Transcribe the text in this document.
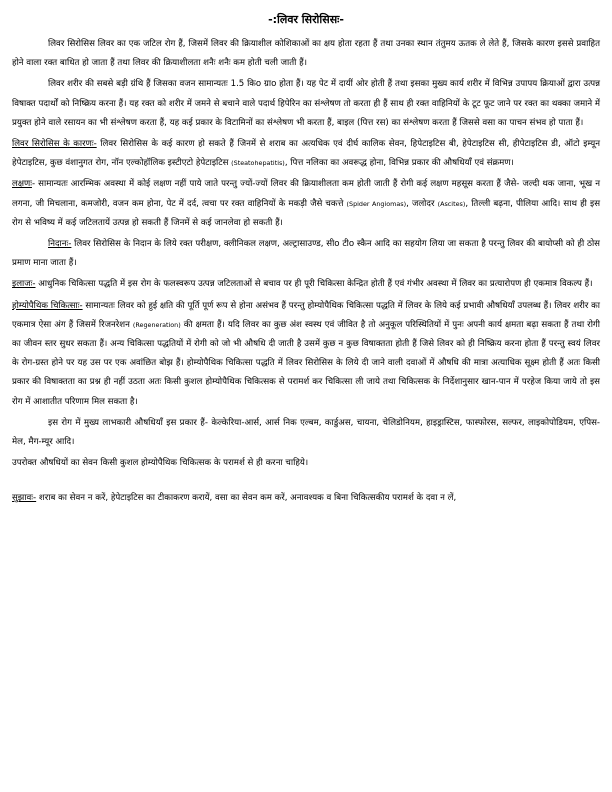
-:लिवर सिरोसिसः-

लिवर सिरोसिस लिवर का एक जटिल रोग हैं, जिसमें लिवर की क्रियाशील कोशिकाओं का क्षय होता रहता हैं तथा उनका स्थान तंतुमय ऊतक ले लेते हैं, जिसके कारण इससे प्रवाहित होने वाला रक्त बाधित हो जाता हैं तथा लिवर की क्रियाशीलता शनैः शनैः कम होती चली जाती हैं।

लिवर शरीर की सबसे बड़ी ग्रंथि हैं जिसका वजन सामान्यतः 1.5 किo ग्राo होता हैं। यह पेट में दायीं ओर होती हैं तथा इसका मुख्य कार्य शरीर में विभिन्न उपापय क्रियाओं द्वारा उत्पन्न विषाक्त पदार्थों को निष्क्रिय करना हैं। यह रक्त को शरीर में जमने से बचाने वाले पदार्थ हिपेरिन का संश्लेषण तो करता ही हैं साथ ही रक्त वाहिनियों के टूट फूट जाने पर रक्त का थक्का जमाने में प्रयुक्त होने वाले रसायन का भी संश्लेषण करता हैं, यह कई प्रकार के विटामिनों का संश्लेषण भी करता हैं, बाइल (पित्त रस) का संश्लेषण करता हैं जिससे वसा का पाचन संभव हो पाता हैं।

लिवर सिरोसिस के कारणः- लिवर सिरोसिस के कई कारण हो सकते हैं जिनमें से शराब का अत्यधिक एवं दीर्घ कालिक सेवन, हिपेटाइटिस बी, हेपेटाइटिस सी, हीपेटाइटिस डी, ऑटो इम्यून हेपेटाइटिस, कुछ वंशानुगत रोग, नॉन एल्कोहॉलिक इस्टीएटो हेपेटाइटिस (Steatohepatitis), पित्त नलिका का अवरूद्ध होना, विभिन्न प्रकार की औषधियाँ एवं संक्रमण।

लक्षणः- सामान्यतः आरम्भिक अवस्था में कोई लक्षण नहीं पाये जाते परन्तु ज्यों-ज्यों लिवर की क्रियाशीलता कम होती जाती हैं रोगी कई लक्षण महसूस करता हैं जैसे- जल्दी थक जाना, भूख न लगना, जी मिचलाना, कमजोरी, वजन कम होना, पेट में दर्द, त्वचा पर रक्त वाहिनियों के मकड़ी जैसे चकत्ते (Spider Angiomas), जलोदर (Ascites), तिल्ली बढ़ना, पीलिया आदि। साथ ही इस रोग से भविष्य में कई जटिलतायें उत्पन्न हो सकती हैं जिनमें से कई जानलेवा हो सकती हैं।

निदानः- लिवर सिरोसिस के निदान के लिये रक्त परीक्षण, क्लीनिकल लक्षण, अल्ट्रासाउण्ड, सीo टीo स्कैन आदि का सहयोग लिया जा सकता है परन्तु लिवर की बायोप्सी को ही ठोस प्रमाण माना जाता हैं।

इलाजः- आधुनिक चिकित्सा पद्धति में इस रोग के फलस्वरूप उत्पन्न जटिलताओं से बचाव पर ही पूरी चिकित्सा केन्द्रित होती हैं एवं गंभीर अवस्था में लिवर का प्रत्यारोपण ही एकमात्र विकल्प हैं।

होम्योपैथिक चिकित्साः- सामान्यतः लिवर को हुई क्षति की पूर्ति पूर्ण रूप से होना असंभव हैं परन्तु होम्योपैथिक चिकित्सा पद्धति में लिवर के लिये कई प्रभावी औषधियाँ उपलब्ध हैं। लिवर शरीर का एकमात्र ऐसा अंग हैं जिसमें रिजनरेशन (Regeneration) की क्षमता हैं। यदि लिवर का कुछ अंश स्वस्थ एवं जीवित है तो अनुकूल परिस्थितियों में पुनः अपनी कार्य क्षमता बढ़ा सकता हैं तथा रोगी का जीवन स्तर सुधर सकता हैं। अन्य चिकित्सा पद्धतियों में रोगी को जो भी औषधि दी जाती है उसमें कुछ न कुछ विषाक्तता होती हैं जिसे लिवर को ही निष्क्रिय करना होता हैं परन्तु स्वयं लिवर के रोग-ग्रस्त होने पर यह उस पर एक अवांछित बोझ हैं। होम्योपैथिक चिकित्सा पद्धति में लिवर सिरोसिस के लिये दी जाने वाली दवाओं में औषधि की मात्रा अत्याधिक सूक्ष्म होती हैं अतः किसी प्रकार की विषाक्तता का प्रश्न ही नहीं उठता अतः किसी कुशल होम्योपैथिक चिकित्सक से परामर्श कर चिकित्सा ली जाये तथा चिकित्सक के निर्देशानुसार खान-पान में परहेज किया जाये तो इस रोग में आशातीत परिणाम मिल सकता है।

इस रोग में मुख्य लाभकारी औषधियाँ इस प्रकार हैं- केल्केरिया-आर्स, आर्स निक एल्बम, कार्डुअस, चायना, चेलिडोनियम, हाइड्रास्टिस, फास्फोरस, सल्फर, लाइकोपोडियम, एपिस-मेल, मैग-म्यूर आदि।

उपरोक्त औषधियों का सेवन किसी कुशल होम्योपैथिक चिकित्सक के परामर्श से ही करना चाहिये।

सुझावः- शराब का सेवन न करें, हेपेटाइटिस का टीकाकरण करायें, वसा का सेवन कम करें, अनावश्यक व बिना चिकित्सकीय परामर्श के दवा न लें,
